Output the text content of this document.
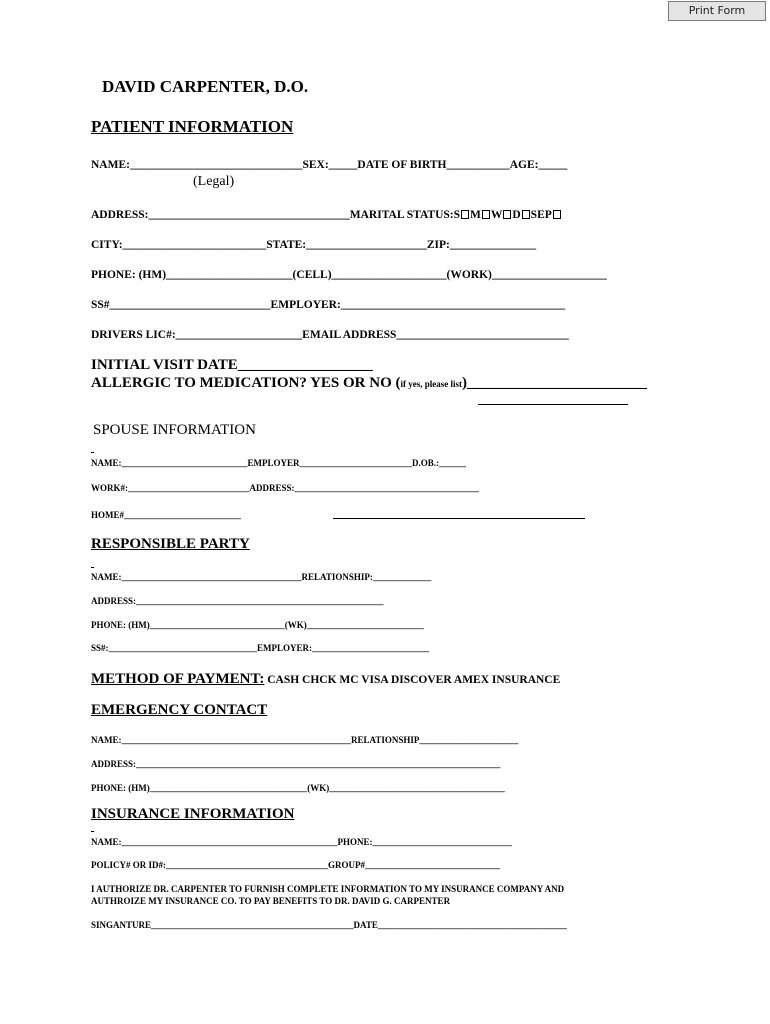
Print Form
DAVID CARPENTER, D.O.
PATIENT INFORMATION
NAME:______________________________SEX:_____DATE OF BIRTH___________AGE:_____
(Legal)
ADDRESS:___________________________________MARITAL STATUS:S M W D SEP
CITY:_________________________STATE:_____________________ZIP:_______________
PHONE: (HM)______________________(CELL)____________________(WORK)____________________
SS#____________________________EMPLOYER:_______________________________________
DRIVERS LIC#:______________________EMAIL ADDRESS______________________________
INITIAL VISIT DATE__________________
ALLERGIC TO MEDICATION? YES OR NO (if yes, please list)________________________
SPOUSE INFORMATION
NAME:____________________________EMPLOYER_________________________D.OB.:______
WORK#:___________________________ADDRESS:_________________________________________
HOME#__________________________
RESPONSIBLE PARTY
NAME:________________________________________RELATIONSHIP:_____________
ADDRESS:_______________________________________________________
PHONE: (HM)______________________________(WK)__________________________
SS#:_________________________________EMPLOYER:__________________________
METHOD OF PAYMENT: CASH CHCK MC VISA DISCOVER AMEX INSURANCE
EMERGENCY CONTACT
NAME:___________________________________________________RELATIONSHIP______________________
ADDRESS:_________________________________________________________________________________
PHONE: (HM)___________________________________(WK)_______________________________________
INSURANCE INFORMATION
NAME:________________________________________________PHONE:_______________________________
POLICY# OR ID#:____________________________________GROUP#______________________________
I AUTHORIZE DR. CARPENTER TO FURNISH COMPLETE INFORMATION TO MY INSURANCE COMPANY AND
AUTHROIZE MY INSURANCE CO. TO PAY BENEFITS TO DR. DAVID G. CARPENTER
SINGANTURE_____________________________________________DATE__________________________________________
